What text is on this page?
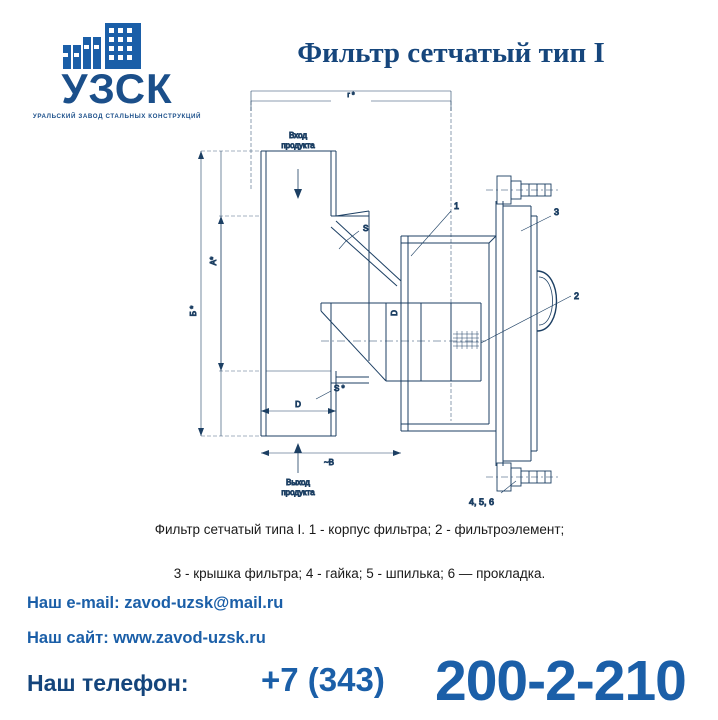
УЗСК
УРАЛЬСКИЙ ЗАВОД СТАЛЬНЫХ КОНСТРУКЦИЙ
Фильтр сетчатый тип I
г *
Вход
продукта
Выход
продукта
А*
Б *
D
D
~B
S
S *
1
2
3
4, 5, 6
Фильтр сетчатый типа I. 1 - корпус фильтра; 2 - фильтроэлемент;
3 - крышка фильтра; 4 - гайка; 5 - шпилька; 6 — прокладка.
Наш e-mail: zavod-uzsk@mail.ru
Наш сайт: www.zavod-uzsk.ru
Наш телефон: +7 (343) 200-2-210
